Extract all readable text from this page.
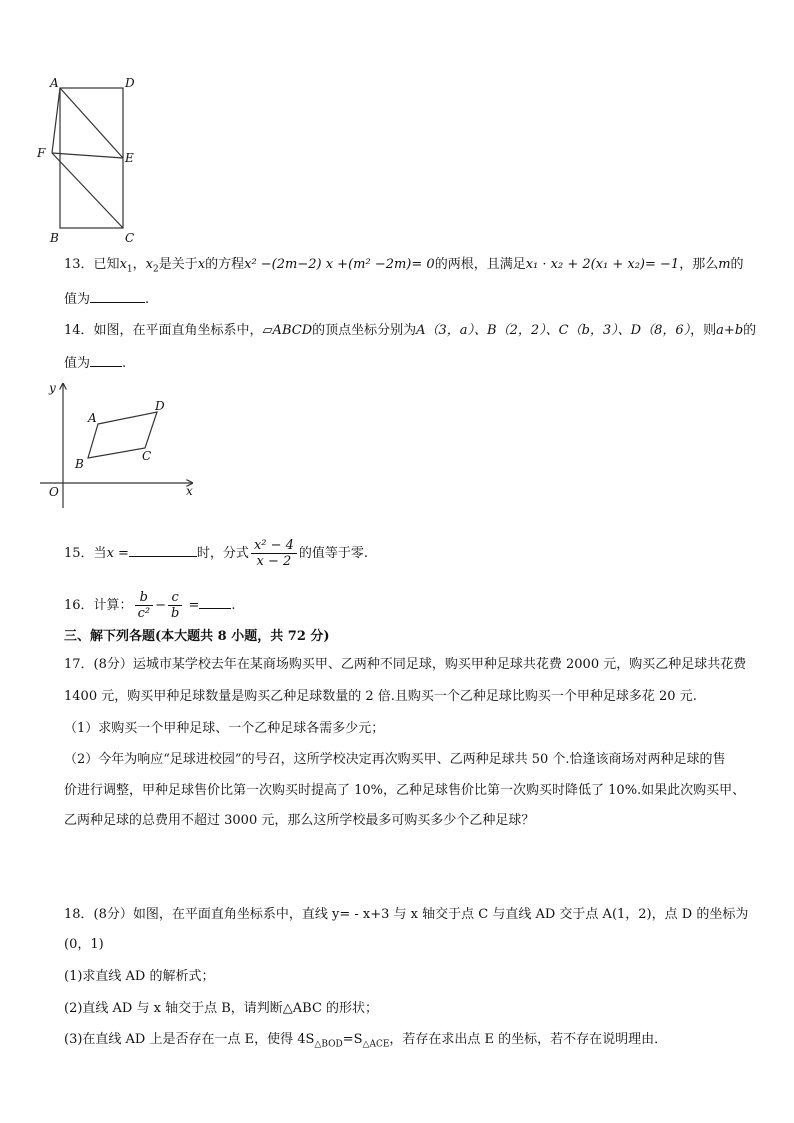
A	D
F	E
B	C
13．已知$x_1$，$x_2$是关于x的方程x² −(2m−2) x +(m² −2m)= 0的两根，且满足x₁ · x₂ + 2(x₁ + x₂)= −1，那么m的
值为	.
14．如图，在平面直角坐标系中，▱ABCD的顶点坐标分别为A（3，a）、B（2，2）、C（b，3）、D（8，6），则a+b的
值为 .
y
x
O
A
B
C
D
15．当x =	时，分式 $\frac{\text{x² − 4}}{x - 2}$ 的值等于零.
16．计算： $\frac{b}{\text{c²}} - \frac{c}{b}$ = .
三、解下列各题(本大题共 8 小题，共 72 分)
17．(8分）运城市某学校去年在某商场购买甲、乙两种不同足球，购买甲种足球共花费 2000 元，购买乙种足球共花费
1400 元，购买甲种足球数量是购买乙种足球数量的 2 倍.且购买一个乙种足球比购买一个甲种足球多花 20 元.
（1）求购买一个甲种足球、一个乙种足球各需多少元；
（2）今年为响应“足球进校园”的号召，这所学校决定再次购买甲、乙两种足球共 50 个.恰逢该商场对两种足球的售
价进行调整，甲种足球售价比第一次购买时提高了 10%，乙种足球售价比第一次购买时降低了 10%.如果此次购买甲、
乙两种足球的总费用不超过 3000 元，那么这所学校最多可购买多少个乙种足球？
18．(8分）如图，在平面直角坐标系中，直线 y= - x+3 与 x 轴交于点 C 与直线 AD 交于点 A(1，2)，点 D 的坐标为
(0，1)
(1)求直线 AD 的解析式；
(2)直线 AD 与 x 轴交于点 B，请判断△ABC 的形状；
(3)在直线 AD 上是否存在一点 E，使得 $4S_{\triangle BOD}=S_{\triangle ACE}$，若存在求出点 E 的坐标，若不存在说明理由．
